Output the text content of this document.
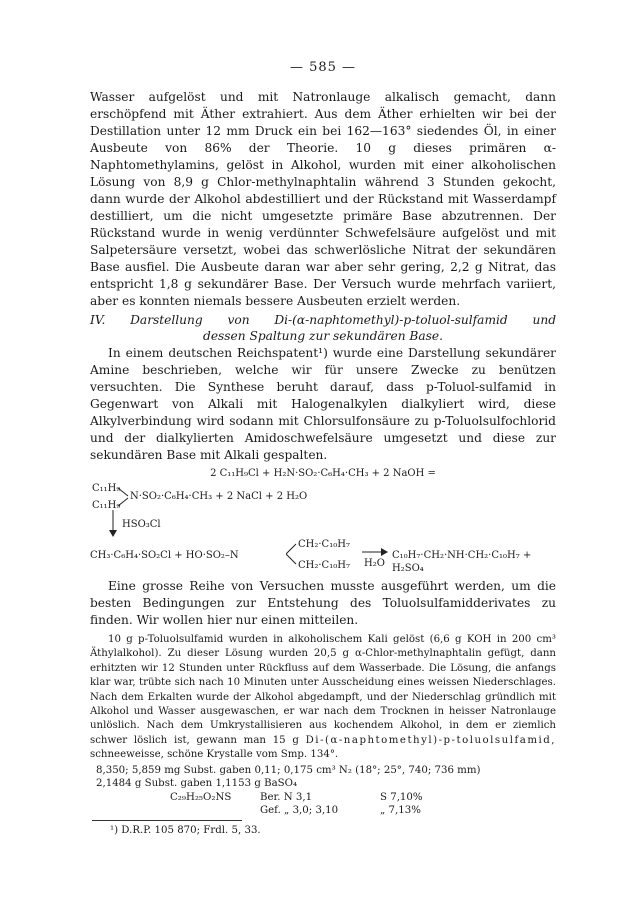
— 585 —

Wasser aufgelöst und mit Natronlauge alkalisch gemacht, dann erschöpfend mit Äther extrahiert. Aus dem Äther erhielten wir bei der Destillation unter 12 mm Druck ein bei 162—163° siedendes Öl, in einer Ausbeute von 86% der Theorie. 10 g dieses primären α-Naphtomethylamins, gelöst in Alkohol, wurden mit einer alkoholischen Lösung von 8,9 g Chlor-methylnaphtalin während 3 Stunden gekocht, dann wurde der Alkohol abdestilliert und der Rückstand mit Wasserdampf destilliert, um die nicht umgesetzte primäre Base abzutrennen. Der Rückstand wurde in wenig verdünnter Schwefelsäure aufgelöst und mit Salpetersäure versetzt, wobei das schwerlösliche Nitrat der sekundären Base ausfiel. Die Ausbeute daran war aber sehr gering, 2,2 g Nitrat, das entspricht 1,8 g sekundärer Base. Der Versuch wurde mehrfach variiert, aber es konnten niemals bessere Ausbeuten erzielt werden.

IV. Darstellung von Di-(α-naphtomethyl)-p-toluol-sulfamid und
dessen Spaltung zur sekundären Base.

In einem deutschen Reichspatent¹) wurde eine Darstellung sekundärer Amine beschrieben, welche wir für unsere Zwecke zu benützen versuchten. Die Synthese beruht darauf, dass p-Toluol-sulfamid in Gegenwart von Alkali mit Halogenalkylen dialkyliert wird, diese Alkylverbindung wird sodann mit Chlorsulfonsäure zu p-Toluolsulfochlorid und der dialkylierten Amidoschwefelsäure umgesetzt und diese zur sekundären Base mit Alkali gespalten.

2 C₁₁H₉Cl + H₂N·SO₂·C₆H₄·CH₃ + 2 NaOH =
C₁₁H₉
C₁₁H₉
N·SO₂·C₆H₄·CH₃ + 2 NaCl + 2 H₂O
HSO₃Cl
CH₃·C₆H₄·SO₂Cl + HO·SO₂–N
CH₂·C₁₀H₇
CH₂·C₁₀H₇ H₂O
C₁₀H₇·CH₂·NH·CH₂·C₁₀H₇ + H₂SO₄

Eine grosse Reihe von Versuchen musste ausgeführt werden, um die besten Bedingungen zur Entstehung des Toluolsulfamidderivates zu finden. Wir wollen hier nur einen mitteilen.

10 g p-Toluolsulfamid wurden in alkoholischem Kali gelöst (6,6 g KOH in 200 cm³ Äthylalkohol). Zu dieser Lösung wurden 20,5 g α-Chlor-methylnaphtalin gefügt, dann erhitzten wir 12 Stunden unter Rückfluss auf dem Wasserbade. Die Lösung, die anfangs klar war, trübte sich nach 10 Minuten unter Ausscheidung eines weissen Niederschlages. Nach dem Erkalten wurde der Alkohol abgedampft, und der Niederschlag gründlich mit Alkohol und Wasser ausgewaschen, er war nach dem Trocknen in heisser Natronlauge unlöslich. Nach dem Umkrystallisieren aus kochendem Alkohol, in dem er ziemlich schwer löslich ist, gewann man 15 g Di-(α-naphtomethyl)-p-toluolsulfamid, schneeweisse, schöne Krystalle vom Smp. 134°.

8,350; 5,859 mg Subst. gaben 0,11; 0,175 cm³ N₂ (18°; 25°, 740; 736 mm)
2,1484 g Subst. gaben 1,1153 g BaSO₄
C₂₉H₂₅O₂NS	Ber. N 3,1	S 7,10%
Gef. „ 3,0; 3,10	„ 7,13%
¹) D.R.P. 105 870; Frdl. 5, 33.
